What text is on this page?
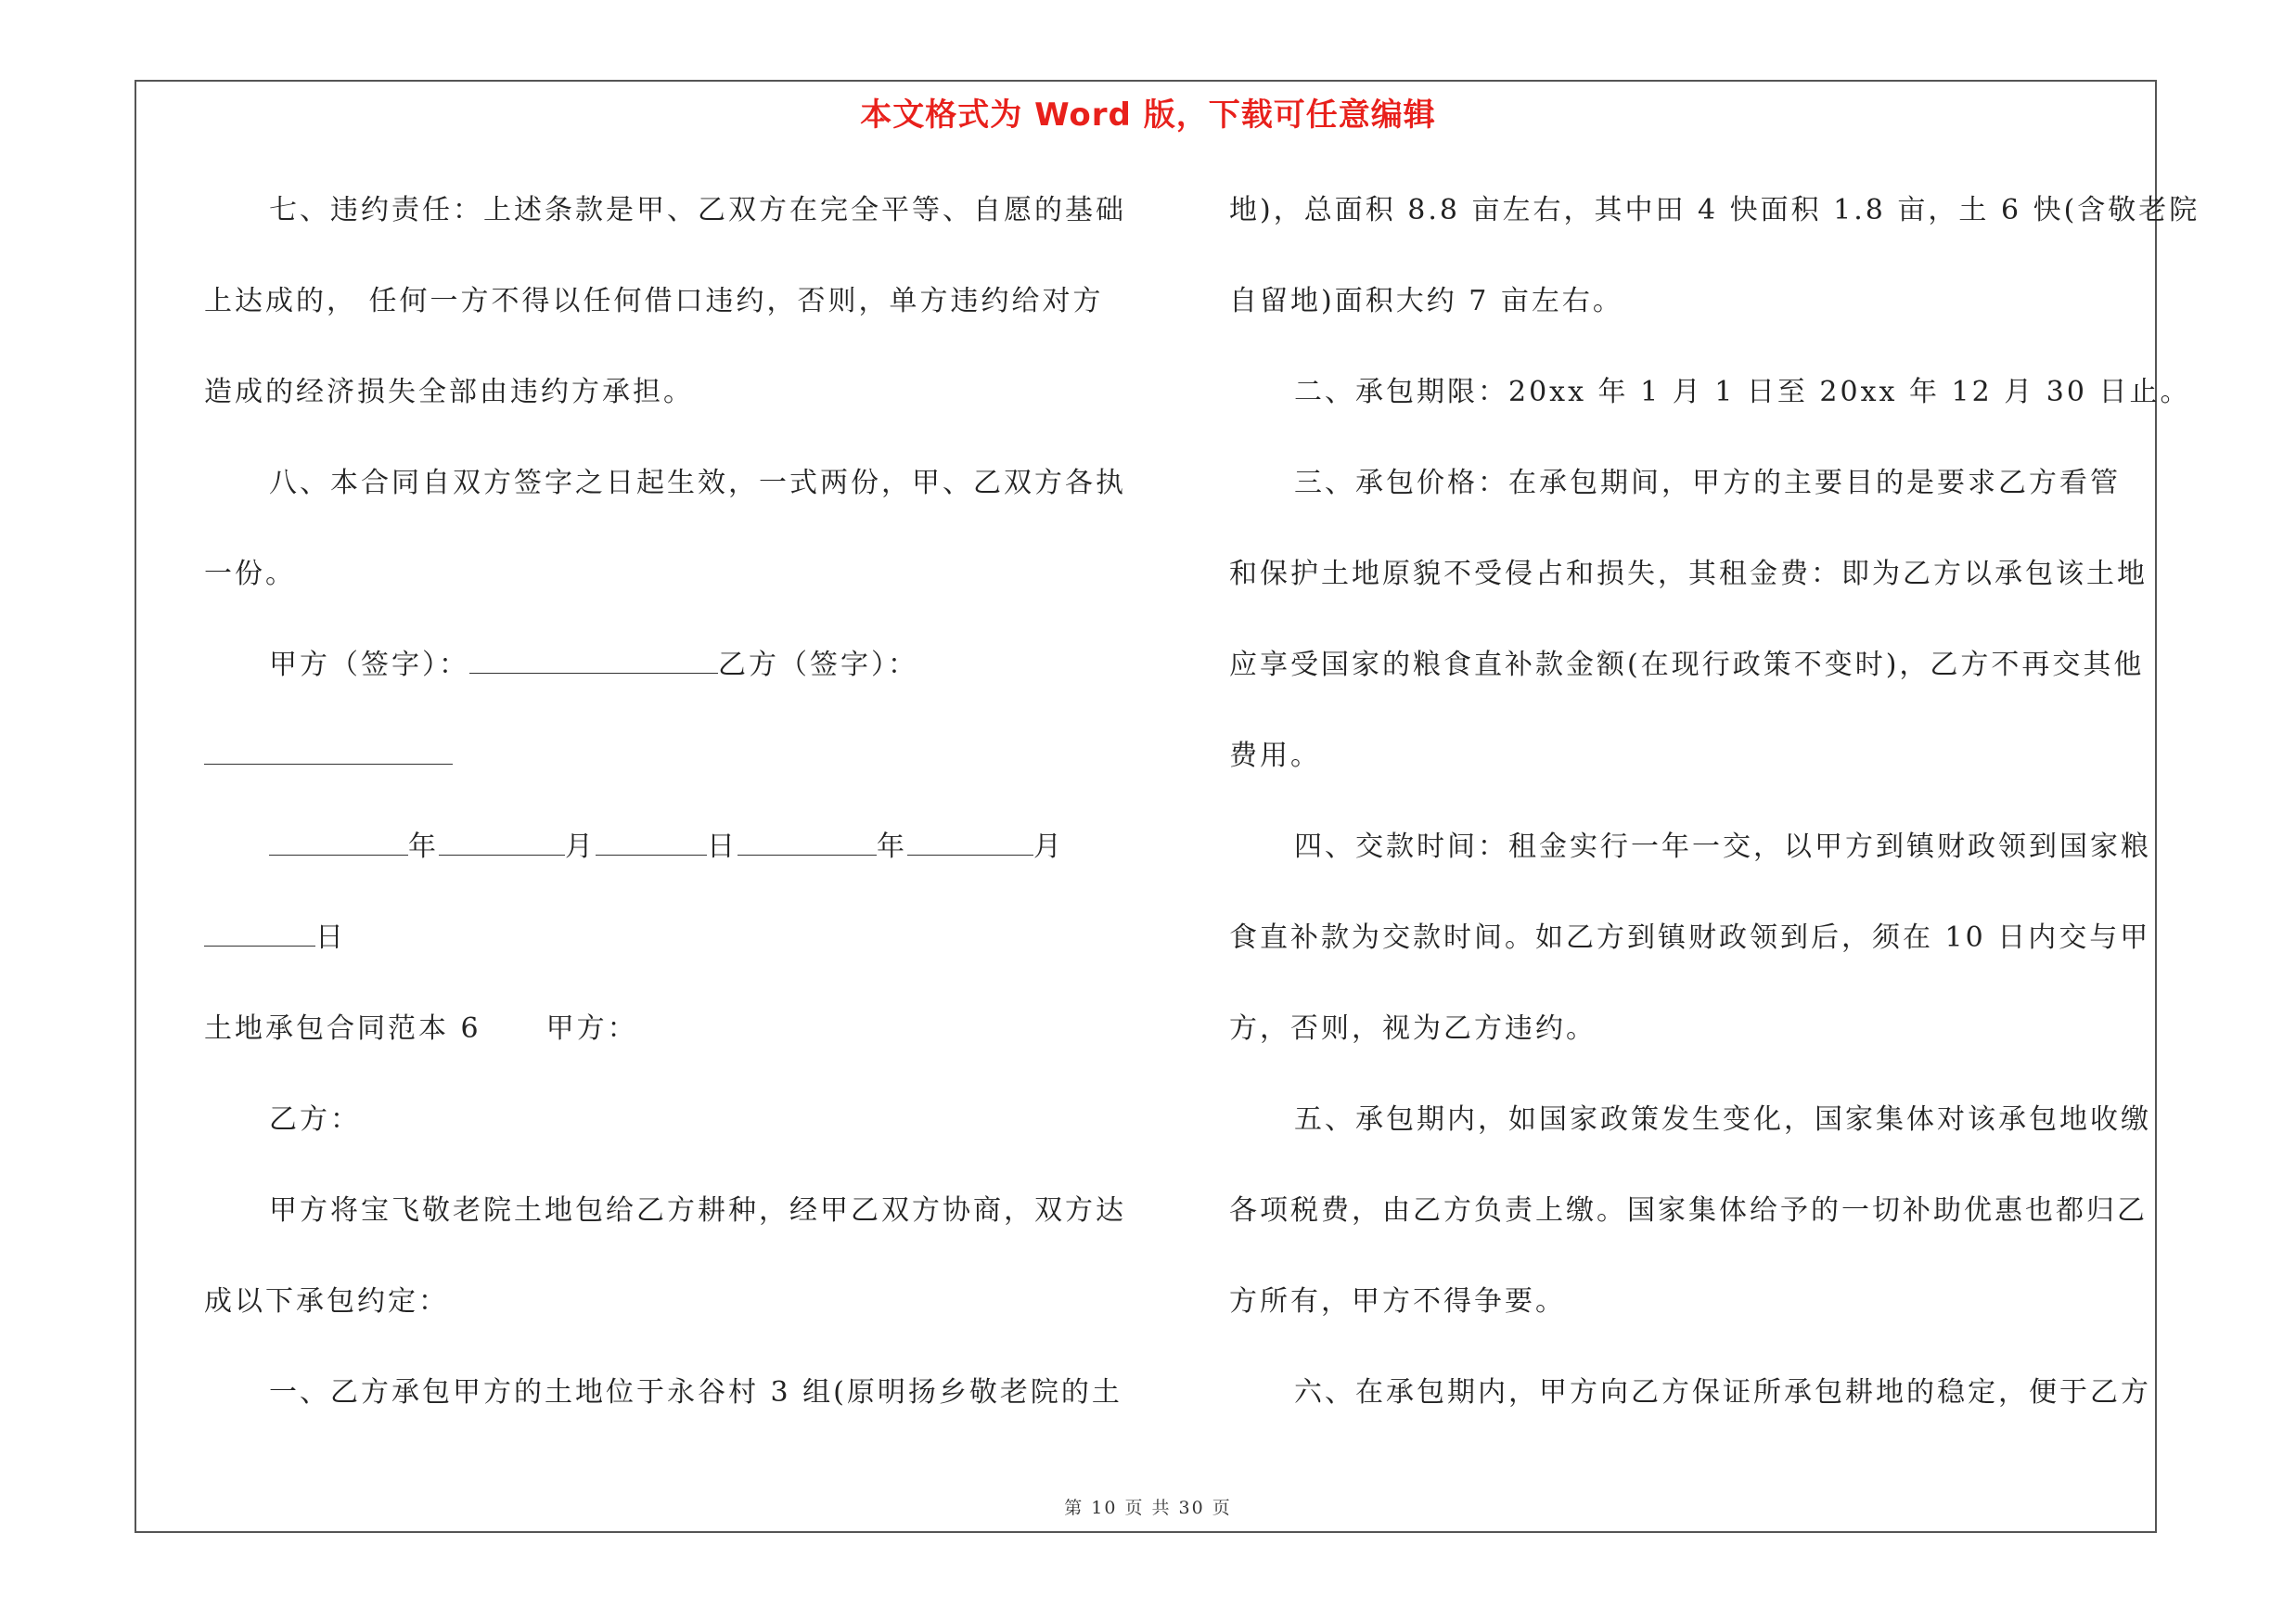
本文格式为 Word 版，下载可任意编辑
七、违约责任：上述条款是甲、乙双方在完全平等、自愿的基础
上达成的， 任何一方不得以任何借口违约，否则，单方违约给对方
造成的经济损失全部由违约方承担。
八、本合同自双方签字之日起生效，一式两份，甲、乙双方各执
一份。
甲方（签字）：	乙方（签字）：
年	月	日	年	月
日
土地承包合同范本 6 甲方：
乙方：
甲方将宝飞敬老院土地包给乙方耕种，经甲乙双方协商，双方达
成以下承包约定：
一、乙方承包甲方的土地位于永谷村 3 组(原明扬乡敬老院的土
地)，总面积 8.8 亩左右，其中田 4 快面积 1.8 亩，土 6 快(含敬老院
自留地)面积大约 7 亩左右。
二、承包期限：20xx 年 1 月 1 日至 20xx 年 12 月 30 日止。
三、承包价格：在承包期间，甲方的主要目的是要求乙方看管
和保护土地原貌不受侵占和损失，其租金费：即为乙方以承包该土地
应享受国家的粮食直补款金额(在现行政策不变时)，乙方不再交其他
费用。
四、交款时间：租金实行一年一交，以甲方到镇财政领到国家粮
食直补款为交款时间。如乙方到镇财政领到后，须在 10 日内交与甲
方，否则，视为乙方违约。
五、承包期内，如国家政策发生变化，国家集体对该承包地收缴
各项税费，由乙方负责上缴。国家集体给予的一切补助优惠也都归乙
方所有，甲方不得争要。
六、在承包期内，甲方向乙方保证所承包耕地的稳定，便于乙方
第 10 页 共 30 页
